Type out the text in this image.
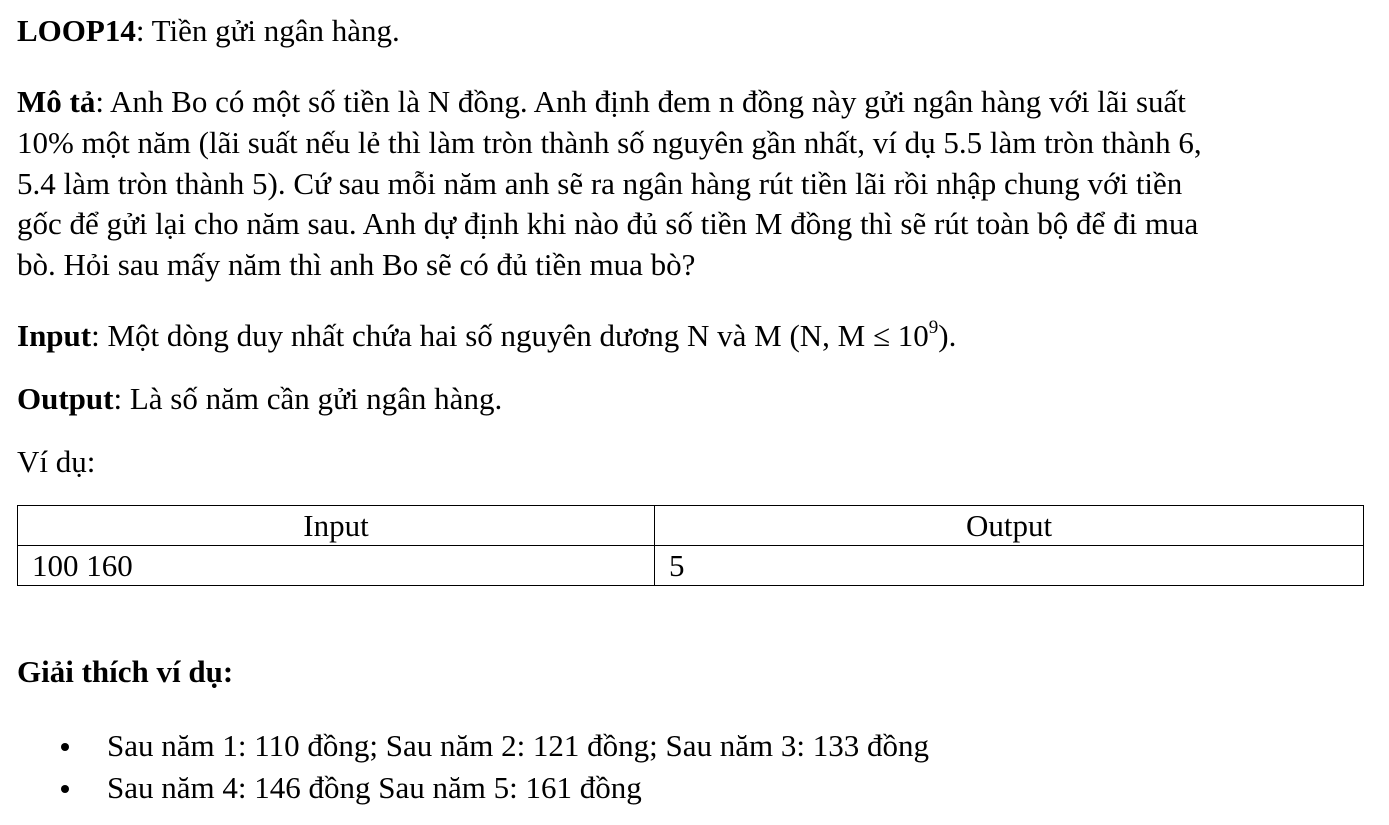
LOOP14: Tiền gửi ngân hàng.
Mô tả: Anh Bo có một số tiền là N đồng. Anh định đem n đồng này gửi ngân hàng với lãi suất
10% một năm (lãi suất nếu lẻ thì làm tròn thành số nguyên gần nhất, ví dụ 5.5 làm tròn thành 6,
5.4 làm tròn thành 5). Cứ sau mỗi năm anh sẽ ra ngân hàng rút tiền lãi rồi nhập chung với tiền
gốc để gửi lại cho năm sau. Anh dự định khi nào đủ số tiền M đồng thì sẽ rút toàn bộ để đi mua
bò. Hỏi sau mấy năm thì anh Bo sẽ có đủ tiền mua bò?
Input: Một dòng duy nhất chứa hai số nguyên dương N và M (N, $M \le 10^9$).
Output: Là số năm cần gửi ngân hàng.
Ví dụ:
Input	Output
100 160	5
Giải thích ví dụ:
Sau năm 1: 110 đồng; Sau năm 2: 121 đồng; Sau năm 3: 133 đồng
Sau năm 4: 146 đồng Sau năm 5: 161 đồng
